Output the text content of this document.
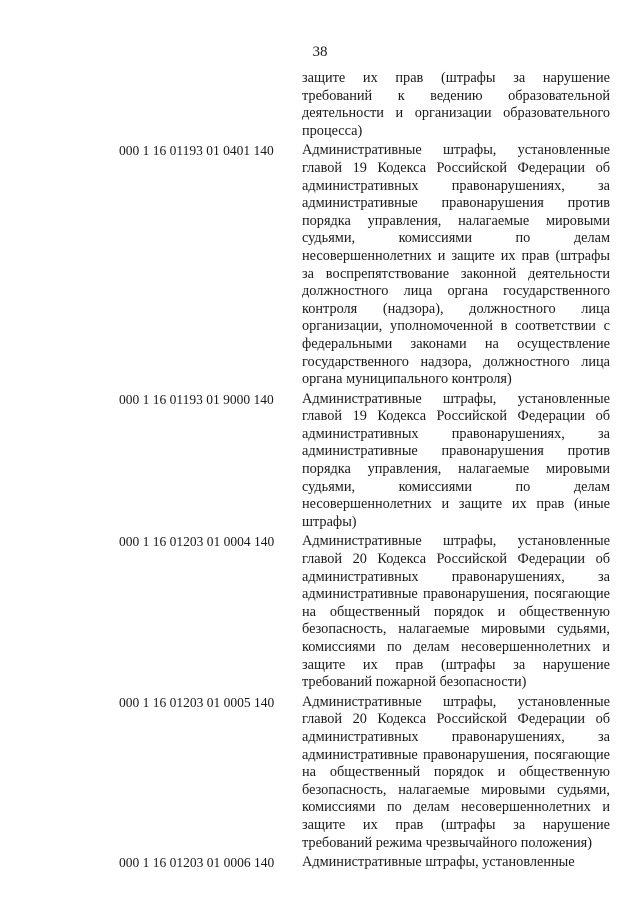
38
защите их прав (штрафы за нарушение требований к ведению образовательной деятельности и организации образовательного процесса)
000 1 16 01193 01 0401 140 Административные штрафы, установленные главой 19 Кодекса Российской Федерации об административных правонарушениях, за административные правонарушения против порядка управления, налагаемые мировыми судьями, комиссиями по делам несовершеннолетних и защите их прав (штрафы за воспрепятствование законной деятельности должностного лица органа государственного контроля (надзора), должностного лица организации, уполномоченной в соответствии с федеральными законами на осуществление государственного надзора, должностного лица органа муниципального контроля)
000 1 16 01193 01 9000 140 Административные штрафы, установленные главой 19 Кодекса Российской Федерации об административных правонарушениях, за административные правонарушения против порядка управления, налагаемые мировыми судьями, комиссиями по делам несовершеннолетних и защите их прав (иные штрафы)
000 1 16 01203 01 0004 140 Административные штрафы, установленные главой 20 Кодекса Российской Федерации об административных правонарушениях, за административные правонарушения, посягающие на общественный порядок и общественную безопасность, налагаемые мировыми судьями, комиссиями по делам несовершеннолетних и защите их прав (штрафы за нарушение требований пожарной безопасности)
000 1 16 01203 01 0005 140 Административные штрафы, установленные главой 20 Кодекса Российской Федерации об административных правонарушениях, за административные правонарушения, посягающие на общественный порядок и общественную безопасность, налагаемые мировыми судьями, комиссиями по делам несовершеннолетних и защите их прав (штрафы за нарушение требований режима чрезвычайного положения)
000 1 16 01203 01 0006 140 Административные штрафы, установленные
